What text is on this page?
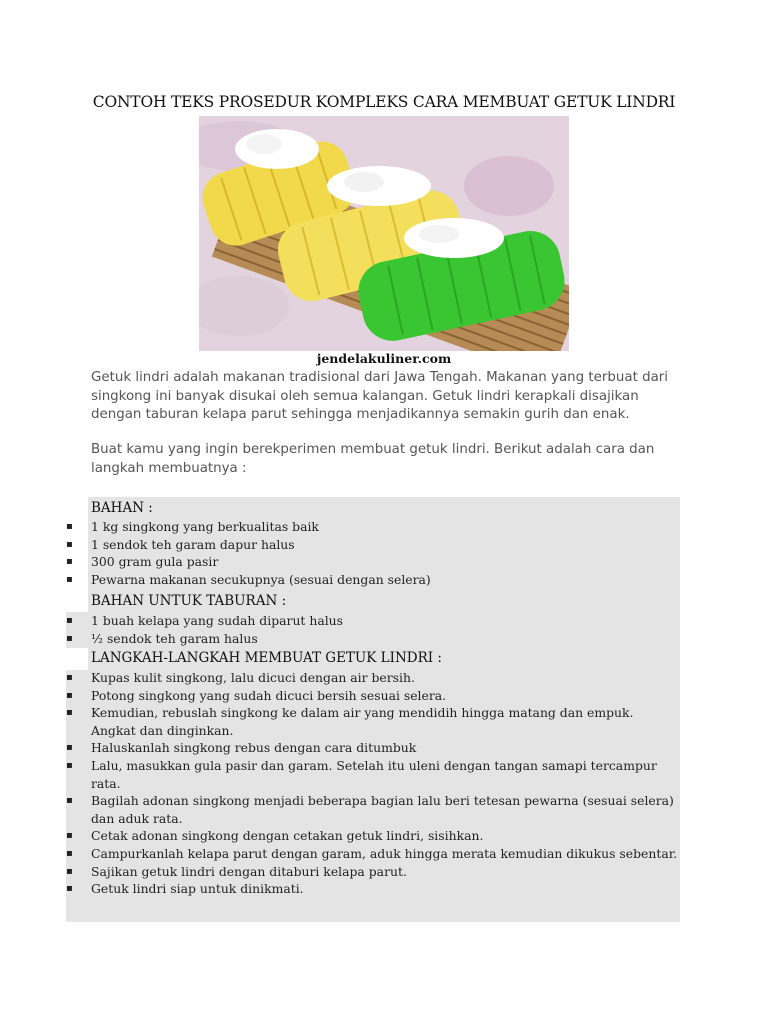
CONTOH TEKS PROSEDUR KOMPLEKS CARA MEMBUAT GETUK LINDRI
jendelakuliner.com

Getuk lindri adalah makanan tradisional dari Jawa Tengah. Makanan yang terbuat dari singkong ini banyak disukai oleh semua kalangan. Getuk lindri kerapkali disajikan dengan taburan kelapa parut sehingga menjadikannya semakin gurih dan enak.

Buat kamu yang ingin berekperimen membuat getuk lindri. Berikut adalah cara dan langkah membuatnya :

BAHAN :
▪ 1 kg singkong yang berkualitas baik
▪ 1 sendok teh garam dapur halus
▪ 300 gram gula pasir
▪ Pewarna makanan secukupnya (sesuai dengan selera)
BAHAN UNTUK TABURAN :
▪ 1 buah kelapa yang sudah diparut halus
▪ ½ sendok teh garam halus
LANGKAH-LANGKAH MEMBUAT GETUK LINDRI :
▪ Kupas kulit singkong, lalu dicuci dengan air bersih.
▪ Potong singkong yang sudah dicuci bersih sesuai selera.
▪ Kemudian, rebuslah singkong ke dalam air yang mendidih hingga matang dan empuk. Angkat dan dinginkan.
▪ Haluskanlah singkong rebus dengan cara ditumbuk
▪ Lalu, masukkan gula pasir dan garam. Setelah itu uleni dengan tangan samapi tercampur rata.
▪ Bagilah adonan singkong menjadi beberapa bagian lalu beri tetesan pewarna (sesuai selera) dan aduk rata.
▪ Cetak adonan singkong dengan cetakan getuk lindri, sisihkan.
▪ Campurkanlah kelapa parut dengan garam, aduk hingga merata kemudian dikukus sebentar.
▪ Sajikan getuk lindri dengan ditaburi kelapa parut.
▪ Getuk lindri siap untuk dinikmati.
